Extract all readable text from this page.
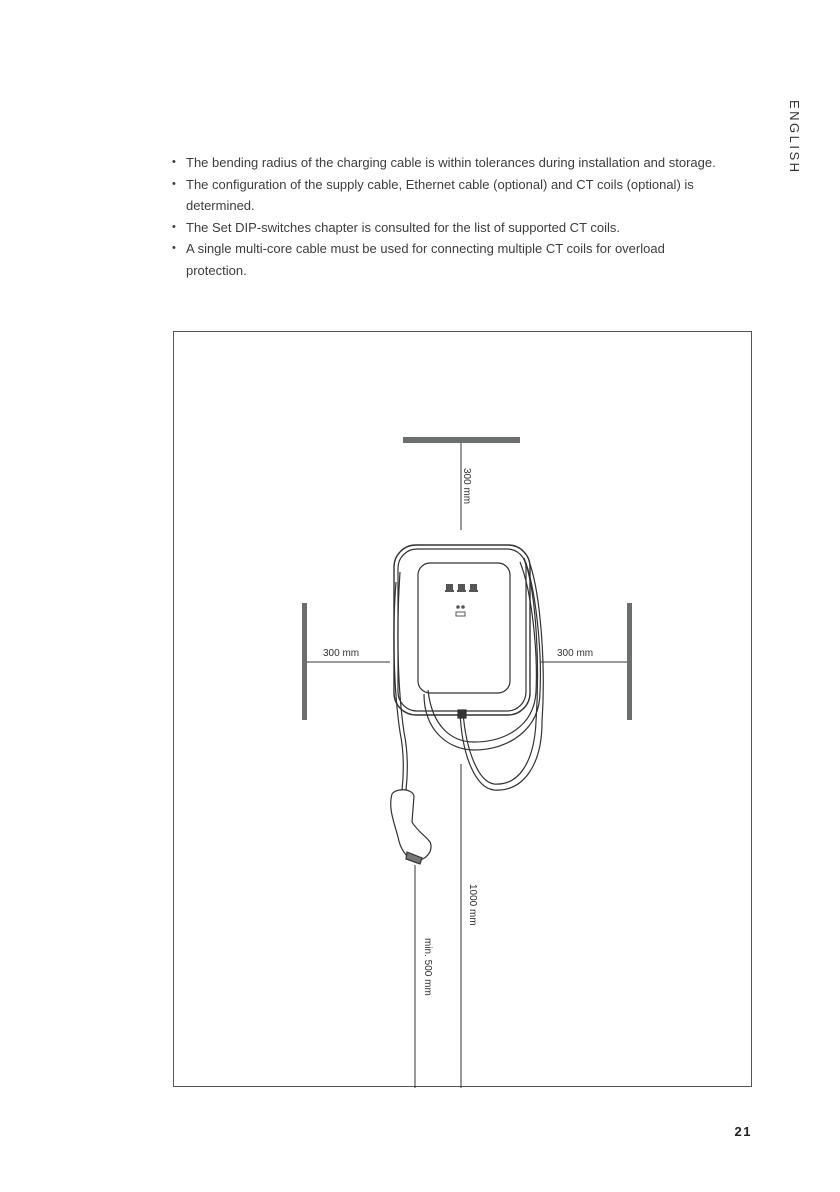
ENGLISH
• The bending radius of the charging cable is within tolerances during installation and storage.
• The configuration of the supply cable, Ethernet cable (optional) and CT coils (optional) is determined.
• The Set DIP-switches chapter is consulted for the list of supported CT coils.
• A single multi-core cable must be used for connecting multiple CT coils for overload protection.
300 mm
300 mm	300 mm
1000 mm
min. 500 mm
21
